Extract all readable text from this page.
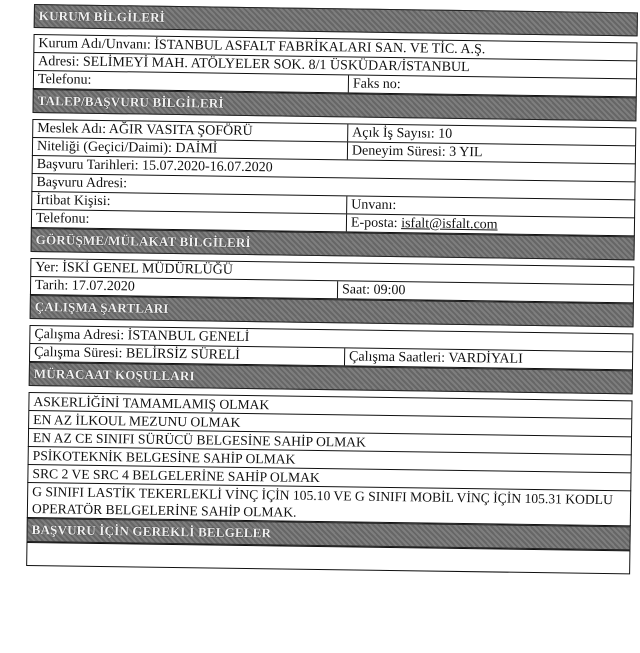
KURUM BİLGİLERİ
Kurum Adı/Unvanı: İSTANBUL ASFALT FABRİKALARI SAN. VE TİC. A.Ş.
Adresi: SELİMEYİ MAH. ATÖLYELER SOK. 8/1 ÜSKÜDAR/İSTANBUL
Telefonu:	Faks no:
TALEP/BAŞVURU BİLGİLERİ
Meslek Adı: AĞIR VASITA ŞOFÖRÜ	Açık İş Sayısı: 10
Niteliği (Geçici/Daimi): DAİMİ	Deneyim Süresi: 3 YIL
Başvuru Tarihleri: 15.07.2020-16.07.2020
Başvuru Adresi:
İrtibat Kişisi:	Unvanı:
Telefonu:	E-posta: isfalt@isfalt.com
GÖRÜŞME/MÜLAKAT BİLGİLERİ
Yer: İSKİ GENEL MÜDÜRLÜĞÜ
Tarih: 17.07.2020	Saat: 09:00
ÇALIŞMA ŞARTLARI
Çalışma Adresi: İSTANBUL GENELİ
Çalışma Süresi: BELİRSİZ SÜRELİ	Çalışma Saatleri: VARDİYALI
MÜRACAAT KOŞULLARI
ASKERLİĞİNİ TAMAMLAMIŞ OLMAK
EN AZ İLKOUL MEZUNU OLMAK
EN AZ CE SINIFI SÜRÜCÜ BELGESİNE SAHİP OLMAK
PSİKOTEKNİK BELGESİNE SAHİP OLMAK
SRC 2 VE SRC 4 BELGELERİNE SAHİP OLMAK
G SINIFI LASTİK TEKERLEKLİ VİNÇ İÇİN 105.10 VE G SINIFI MOBİL VİNÇ İÇİN 105.31 KODLU OPERATÖR BELGELERİNE SAHİP OLMAK.
BAŞVURU İÇİN GEREKLİ BELGELER
